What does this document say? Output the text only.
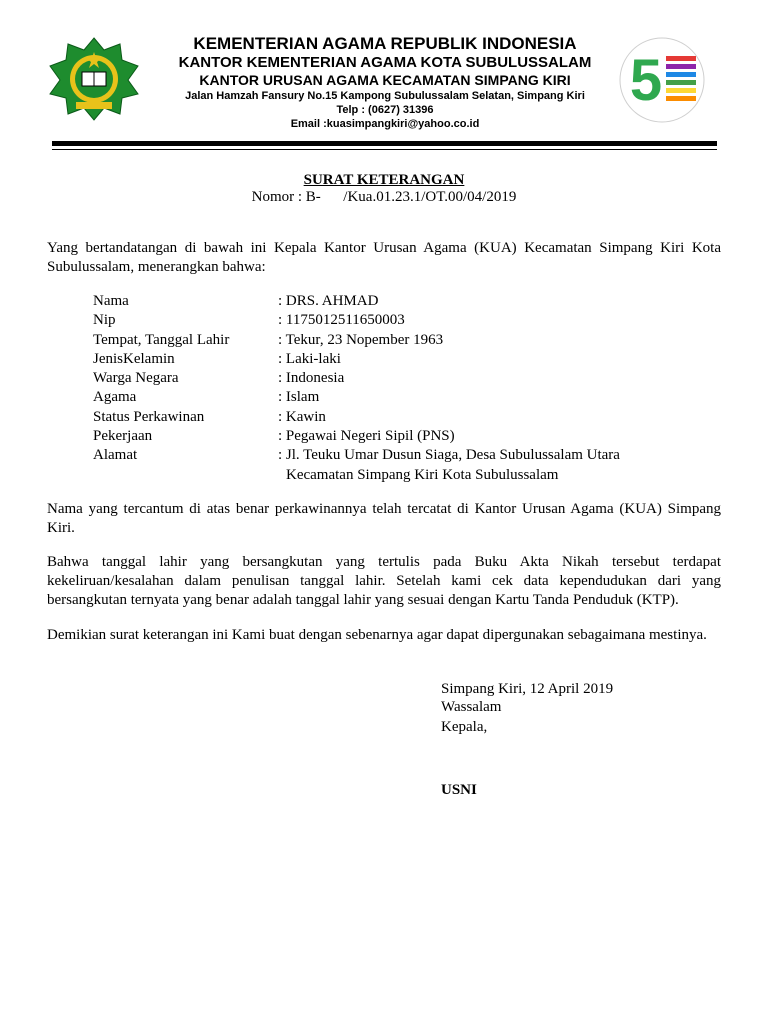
KEMENTERIAN AGAMA REPUBLIK INDONESIA
KANTOR KEMENTERIAN AGAMA KOTA SUBULUSSALAM
KANTOR URUSAN AGAMA KECAMATAN SIMPANG KIRI
Jalan Hamzah Fansury No.15 Kampong Subulussalam Selatan, Simpang Kiri
Telp : (0627) 31396
Email :kuasimpangkiri@yahoo.co.id
5
SURAT KETERANGAN
Nomor : B-      /Kua.01.23.1/OT.00/04/2019
Yang bertandatangan di bawah ini Kepala Kantor Urusan Agama (KUA) Kecamatan Simpang Kiri Kota Subulussalam, menerangkan bahwa:
Nama	: DRS. AHMAD
Nip	: 1175012511650003
Tempat, Tanggal Lahir	: Tekur, 23 Nopember 1963
JenisKelamin	: Laki-laki
Warga Negara	: Indonesia
Agama	: Islam
Status Perkawinan	: Kawin
Pekerjaan	: Pegawai Negeri Sipil (PNS)
Alamat	: Jl. Teuku Umar Dusun Siaga, Desa Subulussalam Utara
Kecamatan Simpang Kiri Kota Subulussalam
Nama yang tercantum di atas benar perkawinannya telah tercatat di Kantor Urusan Agama (KUA) Simpang Kiri.
Bahwa tanggal lahir yang bersangkutan yang tertulis pada Buku Akta Nikah tersebut terdapat kekeliruan/kesalahan dalam penulisan tanggal lahir. Setelah kami cek data kependudukan dari yang bersangkutan ternyata yang benar adalah tanggal lahir yang sesuai dengan Kartu Tanda Penduduk (KTP).
Demikian surat keterangan ini Kami buat dengan sebenarnya agar dapat dipergunakan sebagaimana mestinya.
Simpang Kiri, 12 April 2019
Wassalam
Kepala,
USNI
